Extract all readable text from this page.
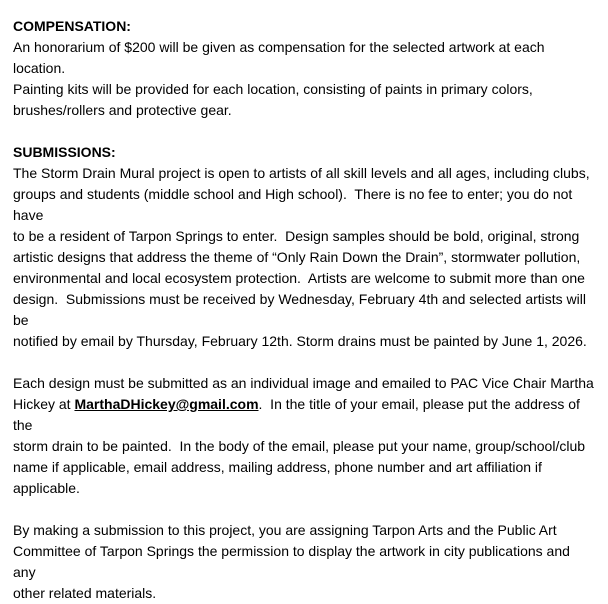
COMPENSATION:
An honorarium of $200 will be given as compensation for the selected artwork at each location.
Painting kits will be provided for each location, consisting of paints in primary colors,
brushes/rollers and protective gear.
SUBMISSIONS:
The Storm Drain Mural project is open to artists of all skill levels and all ages, including clubs,
groups and students (middle school and High school).  There is no fee to enter; you do not have
to be a resident of Tarpon Springs to enter.  Design samples should be bold, original, strong
artistic designs that address the theme of “Only Rain Down the Drain”, stormwater pollution,
environmental and local ecosystem protection.  Artists are welcome to submit more than one
design.  Submissions must be received by Wednesday, February 4th and selected artists will be
notified by email by Thursday, February 12th. Storm drains must be painted by June 1, 2026.
Each design must be submitted as an individual image and emailed to PAC Vice Chair Martha
Hickey at MarthaDHickey@gmail.com.  In the title of your email, please put the address of the
storm drain to be painted.  In the body of the email, please put your name, group/school/club
name if applicable, email address, mailing address, phone number and art affiliation if
applicable.
By making a submission to this project, you are assigning Tarpon Arts and the Public Art
Committee of Tarpon Springs the permission to display the artwork in city publications and any
other related materials.
